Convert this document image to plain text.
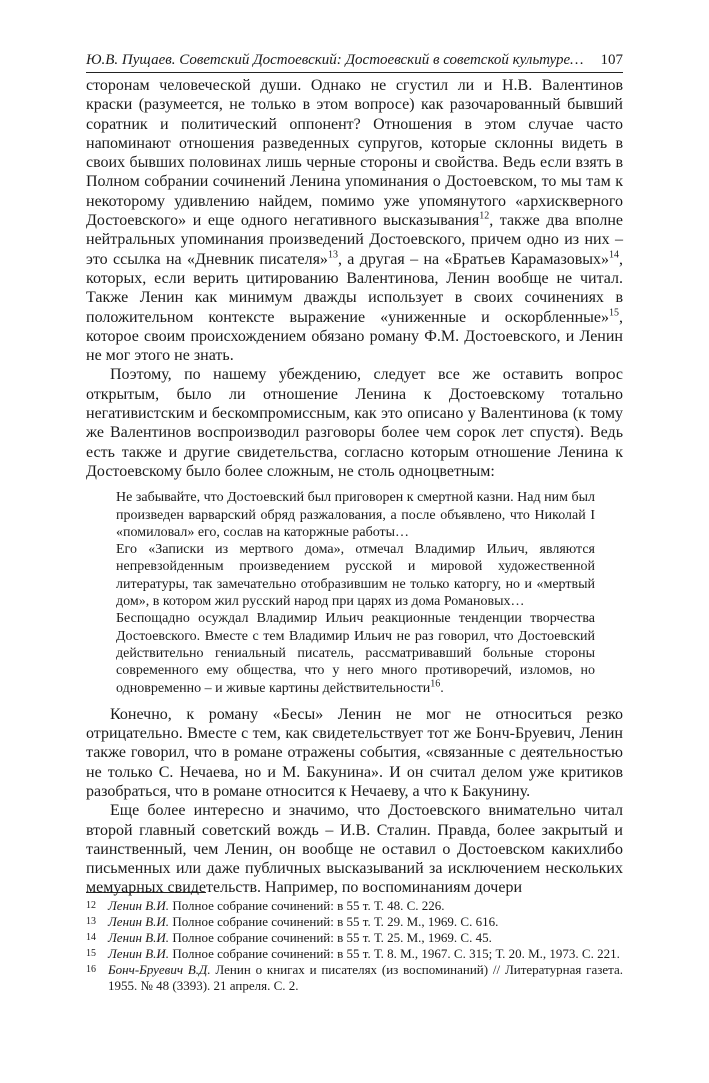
Ю.В. Пущаев. Советский Достоевский: Достоевский в советской культуре… 107

сторонам человеческой души. Однако не сгустил ли и Н.В. Валентинов краски (разумеется, не только в этом вопросе) как разочарованный бывший соратник и политический оппонент? Отношения в этом случае часто напоминают отношения разведенных супругов, которые склонны видеть в своих бывших половинах лишь черные стороны и свойства. Ведь если взять в Полном собрании сочинений Ленина упоминания о Достоевском, то мы там к некоторому удивлению найдем, помимо уже упомянутого «архискверного Достоевского» и еще одного негативного высказывания$^{12}$, также два вполне нейтральных упоминания произведений Достоевского, причем одно из них – это ссылка на «Дневник писателя»$^{13}$, а другая – на «Братьев Карамазовых»$^{14}$, которых, если верить цитированию Валентинова, Ленин вообще не читал. Также Ленин как минимум дважды использует в своих сочинениях в положительном контексте выражение «униженные и оскорбленные»$^{15}$, которое своим происхождением обязано роману Ф.М. Достоевского, и Ленин не мог этого не знать.

Поэтому, по нашему убеждению, следует все же оставить вопрос открытым, было ли отношение Ленина к Достоевскому тотально негативистским и бескомпромиссным, как это описано у Валентинова (к тому же Валентинов воспроизводил разговоры более чем сорок лет спустя). Ведь есть также и другие свидетельства, согласно которым отношение Ленина к Достоевскому было более сложным, не столь одноцветным:

Не забывайте, что Достоевский был приговорен к смертной казни. Над ним был произведен варварский обряд разжалования, а после объявлено, что Николай I «помиловал» его, сослав на каторжные работы…

Его «Записки из мертвого дома», отмечал Владимир Ильич, являются непревзойденным произведением русской и мировой художественной литературы, так замечательно отобразившим не только каторгу, но и «мертвый дом», в котором жил русский народ при царях из дома Романовых…

Беспощадно осуждал Владимир Ильич реакционные тенденции творчества Достоевского. Вместе с тем Владимир Ильич не раз говорил, что Достоевский действительно гениальный писатель, рассматривавший больные стороны современного ему общества, что у него много противоречий, изломов, но одновременно – и живые картины действительности$^{16}$.

Конечно, к роману «Бесы» Ленин не мог не относиться резко отрицательно. Вместе с тем, как свидетельствует тот же Бонч-Бруевич, Ленин также говорил, что в романе отражены события, «связанные с деятельностью не только С. Нечаева, но и М. Бакунина». И он считал делом уже критиков разобраться, что в романе относится к Нечаеву, а что к Бакунину.

Еще более интересно и значимо, что Достоевского внимательно читал второй главный советский вождь – И.В. Сталин. Правда, более закрытый и таинственный, чем Ленин, он вообще не оставил о Достоевском какихлибо письменных или даже публичных высказываний за исключением нескольких мемуарных свидетельств. Например, по воспоминаниям дочери

12 Ленин В.И. Полное собрание сочинений: в 55 т. Т. 48. С. 226.
13 Ленин В.И. Полное собрание сочинений: в 55 т. Т. 29. М., 1969. С. 616.
14 Ленин В.И. Полное собрание сочинений: в 55 т. Т. 25. М., 1969. С. 45.
15 Ленин В.И. Полное собрание сочинений: в 55 т. Т. 8. М., 1967. С. 315; Т. 20. М., 1973. С. 221.
16 Бонч-Бруевич В.Д. Ленин о книгах и писателях (из воспоминаний) // Литературная газета. 1955. № 48 (3393). 21 апреля. С. 2.
